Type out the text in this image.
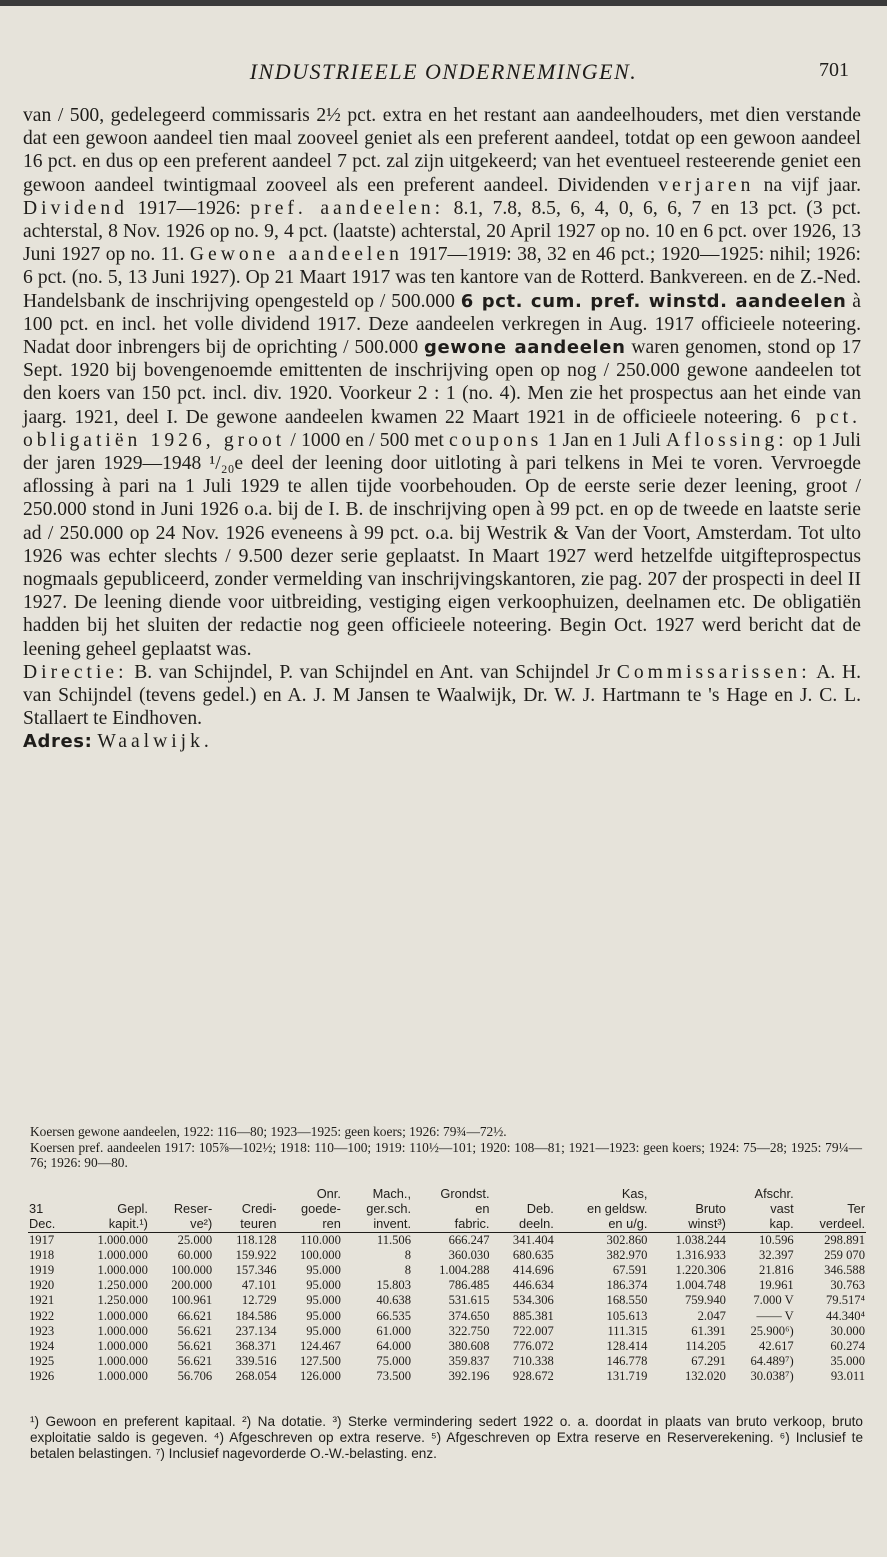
INDUSTRIEELE ONDERNEMINGEN.	701

van / 500, gedelegeerd commissaris 2½ pct. extra en het restant aan aandeelhouders, met dien verstande dat een gewoon aandeel tien maal zooveel geniet als een preferent aandeel, totdat op een gewoon aandeel 16 pct. en dus op een preferent aandeel 7 pct. zal zijn uitgekeerd; van het eventueel resteerende geniet een gewoon aandeel twintigmaal zooveel als een preferent aandeel. Dividenden verjaren na vijf jaar. Dividend 1917—1926: pref. aandeelen: 8.1, 7.8, 8.5, 6, 4, 0, 6, 6, 7 en 13 pct. (3 pct. achterstal, 8 Nov. 1926 op no. 9, 4 pct. (laatste) achterstal, 20 April 1927 op no. 10 en 6 pct. over 1926, 13 Juni 1927 op no. 11. Gewone aandeelen 1917—1919: 38, 32 en 46 pct.; 1920—1925: nihil; 1926: 6 pct. (no. 5, 13 Juni 1927). Op 21 Maart 1917 was ten kantore van de Rotterd. Bankvereen. en de Z.-Ned. Handelsbank de inschrijving opengesteld op / 500.000 6 pct. cum. pref. winstd. aandeelen à 100 pct. en incl. het volle dividend 1917. Deze aandeelen verkregen in Aug. 1917 officieele noteering. Nadat door inbrengers bij de oprichting / 500.000 gewone aandeelen waren genomen, stond op 17 Sept. 1920 bij bovengenoemde emittenten de inschrijving open op nog / 250.000 gewone aandeelen tot den koers van 150 pct. incl. div. 1920. Voorkeur 2 : 1 (no. 4). Men zie het prospectus aan het einde van jaarg. 1921, deel I. De gewone aandeelen kwamen 22 Maart 1921 in de officieele noteering. 6 pct. obligatiën 1926, groot / 1000 en / 500 met coupons 1 Jan en 1 Juli Aflossing: op 1 Juli der jaren 1929—1948 ¹/₂₀e deel der leening door uitloting à pari telkens in Mei te voren. Vervroegde aflossing à pari na 1 Juli 1929 te allen tijde voorbehouden. Op de eerste serie dezer leening, groot / 250.000 stond in Juni 1926 o.a. bij de I. B. de inschrijving open à 99 pct. en op de tweede en laatste serie ad / 250.000 op 24 Nov. 1926 eveneens à 99 pct. o.a. bij Westrik & Van der Voort, Amsterdam. Tot ulto 1926 was echter slechts / 9.500 dezer serie geplaatst. In Maart 1927 werd hetzelfde uitgifteprospectus nogmaals gepubliceerd, zonder vermelding van inschrijvingskantoren, zie pag. 207 der prospecti in deel II 1927. De leening diende voor uitbreiding, vestiging eigen verkoophuizen, deelnamen etc. De obligatiën hadden bij het sluiten der redactie nog geen officieele noteering. Begin Oct. 1927 werd bericht dat de leening geheel geplaatst was.

Directie: B. van Schijndel, P. van Schijndel en Ant. van Schijndel Jr Commissarissen: A. H. van Schijndel (tevens gedel.) en A. J. M Jansen te Waalwijk, Dr. W. J. Hartmann te 's Hage en J. C. L. Stallaert te Eindhoven.

Adres: Waalwijk.

Koersen gewone aandeelen, 1922: 116—80; 1923—1925: geen koers; 1926: 79¾—72½.

Koersen pref. aandeelen 1917: 105⅞—102½; 1918: 110—100; 1919: 110½—101; 1920: 108—81; 1921—1923: geen koers; 1924: 75—28; 1925: 79¼—76; 1926: 90—80.

				Onr.	Mach.,	Grondst.		Kas,		Afschr.	
31	Gepl.	Reser-	Credi-	goede-	ger.sch.	en	Deb.	en geldsw.	Bruto	vast	Ter
Dec.	kapit.¹)	ve²)	teuren	ren	invent.	fabric.	deeln.	en u/g.	winst³)	kap.	verdeel.
1917	1.000.000	25.000	118.128	110.000	11.506	666.247	341.404	302.860	1.038.244	10.596	298.891
1918	1.000.000	60.000	159.922	100.000	8	360.030	680.635	382.970	1.316.933	32.397	259 070
1919	1.000.000	100.000	157.346	95.000	8	1.004.288	414.696	67.591	1.220.306	21.816	346.588
1920	1.250.000	200.000	47.101	95.000	15.803	786.485	446.634	186.374	1.004.748	19.961	30.763
1921	1.250.000	100.961	12.729	95.000	40.638	531.615	534.306	168.550	759.940	7.000 V	79.517⁴
1922	1.000.000	66.621	184.586	95.000	66.535	374.650	885.381	105.613	2.047	—— V	44.340⁴
1923	1.000.000	56.621	237.134	95.000	61.000	322.750	722.007	111.315	61.391	25.900⁶)	30.000
1924	1.000.000	56.621	368.371	124.467	64.000	380.608	776.072	128.414	114.205	42.617	60.274
1925	1.000.000	56.621	339.516	127.500	75.000	359.837	710.338	146.778	67.291	64.489⁷)	35.000
1926	1.000.000	56.706	268.054	126.000	73.500	392.196	928.672	131.719	132.020	30.038⁷)	93.011

¹) Gewoon en preferent kapitaal. ²) Na dotatie. ³) Sterke vermindering sedert 1922 o. a. doordat in plaats van bruto verkoop, bruto exploitatie saldo is gegeven. ⁴) Afgeschreven op extra reserve. ⁵) Afgeschreven op Extra reserve en Reserverekening. ⁶) Inclusief te betalen belastingen. ⁷) Inclusief nagevorderde O.-W.-belasting. enz.
